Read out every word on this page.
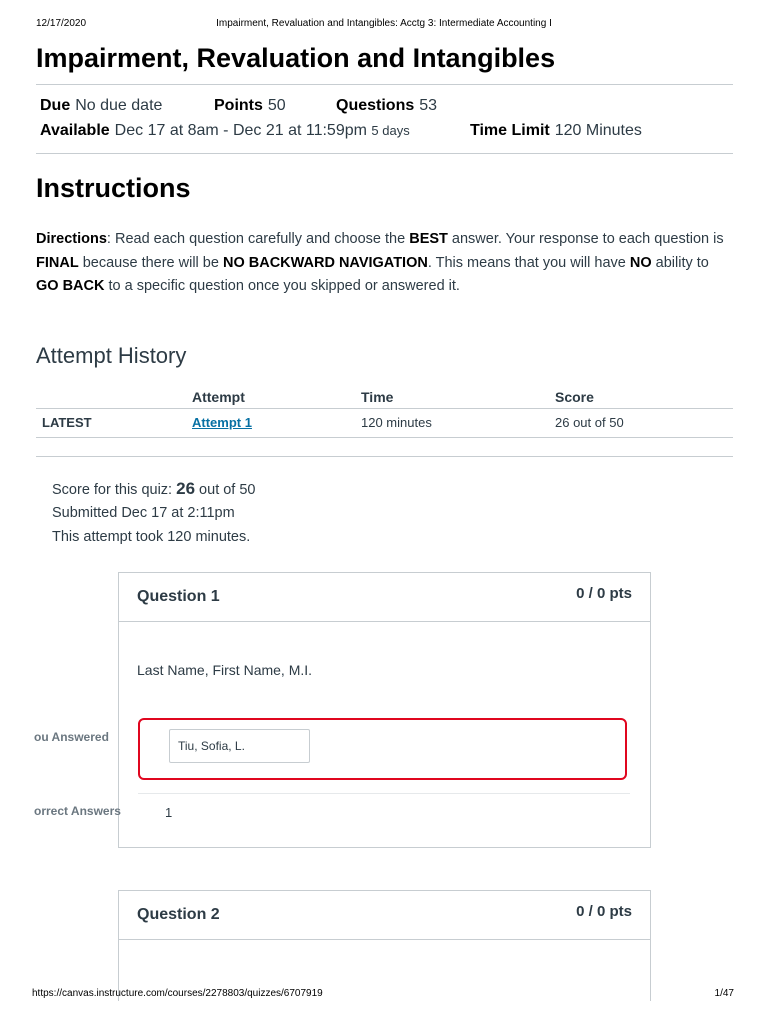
12/17/2020	Impairment, Revaluation and Intangibles: Acctg 3: Intermediate Accounting I
Impairment, Revaluation and Intangibles
Due No due date	Points 50	Questions 53
Available Dec 17 at 8am - Dec 21 at 11:59pm 5 days	Time Limit 120 Minutes
Instructions
Directions: Read each question carefully and choose the BEST answer. Your response to each question is FINAL because there will be NO BACKWARD NAVIGATION. This means that you will have NO ability to GO BACK to a specific question once you skipped or answered it.
Attempt History
	Attempt	Time	Score
LATEST	Attempt 1	120 minutes	26 out of 50
Score for this quiz: 26 out of 50
Submitted Dec 17 at 2:11pm
This attempt took 120 minutes.
Question 1	0 / 0 pts
Last Name, First Name, M.I.
Tiu, Sofia, L.
ou Answered
orrect Answers	1
Question 2	0 / 0 pts
https://canvas.instructure.com/courses/2278803/quizzes/6707919	1/47
